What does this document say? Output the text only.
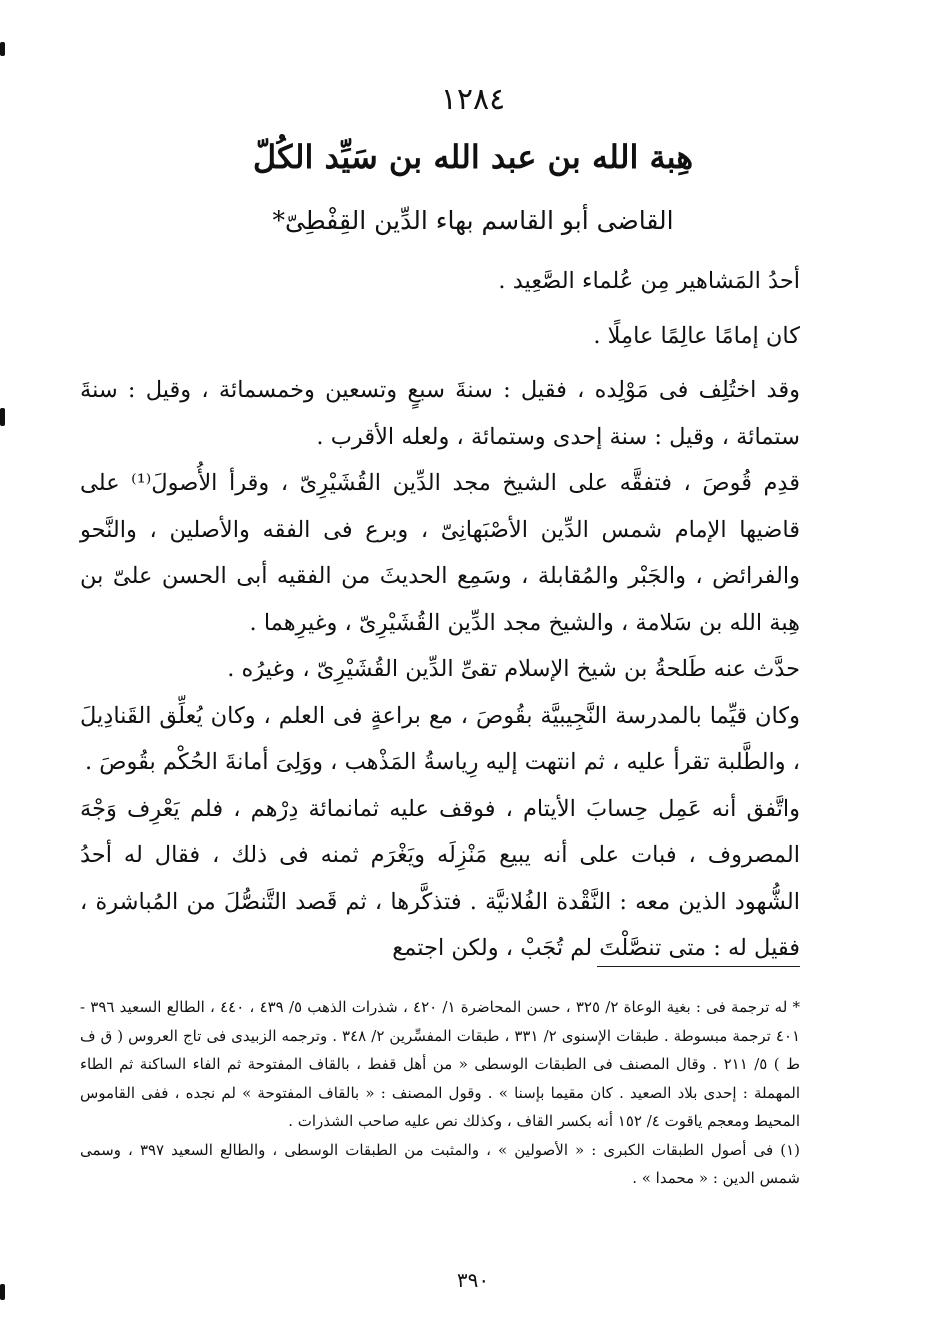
١٢٨٤
هِبة الله بن عبد الله بن سَيِّد الكُلّ
القاضى أبو القاسم بهاء الدِّين القِفْطِىّ*

أحدُ المَشاهير مِن عُلماء الصَّعِيد .

كان إمامًا عالِمًا عامِلًا .

وقد اختُلِف فى مَوْلِده ، فقيل : سنةَ سبعٍ وتسعين وخمسمائة ، وقيل : سنةَ ستمائة ، وقيل : سنة إحدى وستمائة ، ولعله الأقرب .

قدِم قُوصَ ، فتفقَّه على الشيخ مجد الدِّين القُشَيْرِىّ ، وقرأ الأُصولَ⁽¹⁾ على قاضيها الإمام شمس الدِّين الأصْبَهانِىّ ، وبرع فى الفقه والأصلين ، والنَّحو والفرائض ، والجَبْر والمُقابلة ، وسَمِع الحديثَ من الفقيه أبى الحسن علىّ بن هِبة الله بن سَلامة ، والشيخ مجد الدِّين القُشَيْرِىّ ، وغيرِهما .

حدَّث عنه طَلحةُ بن شيخ الإسلام تقىِّ الدِّين القُشَيْرِىّ ، وغيرُه .

وكان قيِّما بالمدرسة النَّجِيبيَّة بقُوصَ ، مع براعةٍ فى العلم ، وكان يُعلِّق القَنادِيلَ ، والطَّلبة تقرأ عليه ، ثم انتهت إليه رِياسةُ المَذْهب ، ووَلِىَ أمانةَ الحُكْم بقُوصَ .

واتَّفق أنه عَمِل حِسابَ الأيتام ، فوقف عليه ثمانمائة دِرْهم ، فلم يَعْرِف وَجْهَ المصروف ، فبات على أنه يبيع مَنْزِلَه ويَغْرَم ثمنه فى ذلك ، فقال له أحدُ الشُّهود الذين معه : النَّقْدة الفُلانيَّة . فتذكَّرها ، ثم قَصد التَّنصُّلَ من المُباشرة ، فقيل له : متى تنصَّلْتَ لم تُجَبْ ، ولكن اجتمع

* له ترجمة فى : بغية الوعاة ٢/ ٣٢٥ ، حسن المحاضرة ١/ ٤٢٠ ، شذرات الذهب ٥/ ٤٣٩ ، ٤٤٠ ، الطالع السعيد ٣٩٦ - ٤٠١ ترجمة مبسوطة . طبقات الإسنوى ٢/ ٣٣١ ، طبقات المفسِّرين ٢/ ٣٤٨ . وترجمه الزبيدى فى تاج العروس ( ق ف ط ) ٥/ ٢١١ . وقال المصنف فى الطبقات الوسطى « من أهل قفط ، بالقاف المفتوحة ثم الفاء الساكنة ثم الطاء المهملة : إحدى بلاد الصعيد . كان مقيما بإسنا » . وقول المصنف : « بالقاف المفتوحة » لم نجده ، ففى القاموس المحيط ومعجم ياقوت ٤/ ١٥٢ أنه بكسر القاف ، وكذلك نص عليه صاحب الشذرات .

(١) فى أصول الطبقات الكبرى : « الأصولين » ، والمثبت من الطبقات الوسطى ، والطالع السعيد ٣٩٧ ، وسمى شمس الدين : « محمدا » .

٣٩٠
